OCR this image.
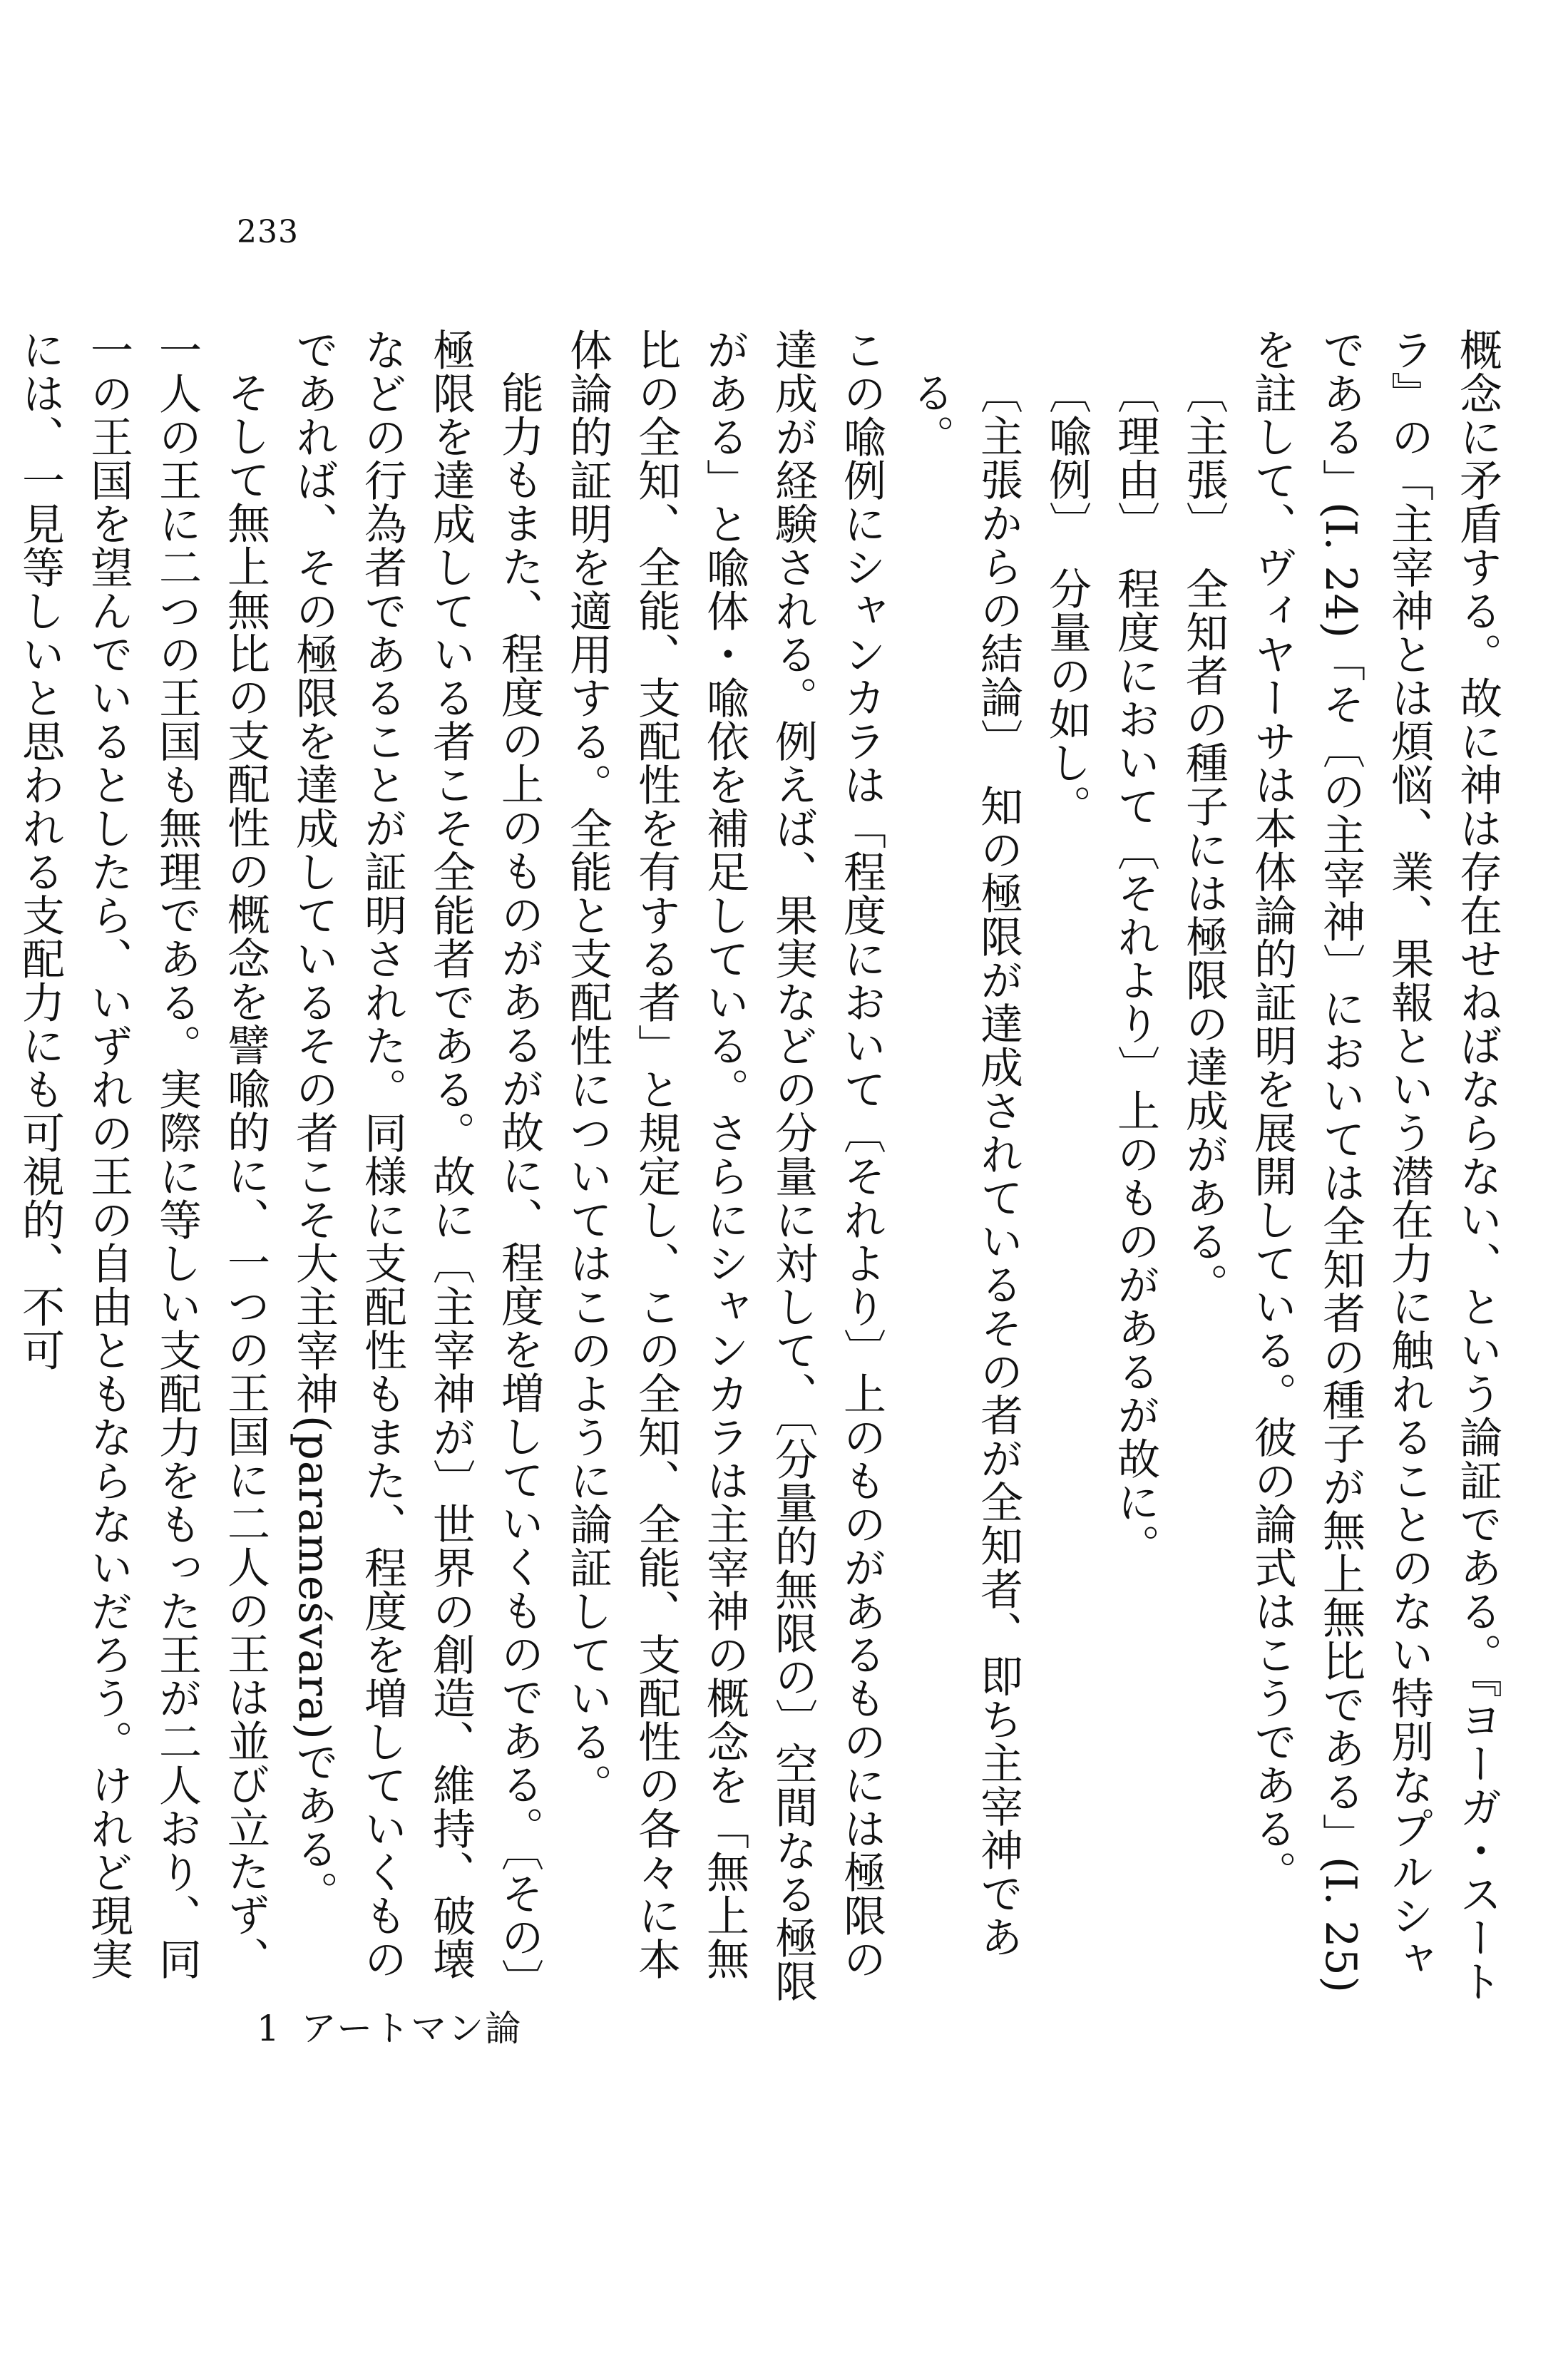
233

概念に矛盾する。故に神は存在せねばならない、という論証である。『ヨーガ・スートラ』の「主宰神とは煩悩、業、果報という潜在力に触れることのない特別なプルシャである」(I. 24)「そ〔の主宰神〕においては全知者の種子が無上無比である」(I. 25)を註して、ヴィヤーサは本体論的証明を展開している。彼の論式はこうである。

〔主張〕　全知者の種子には極限の達成がある。

〔理由〕　程度において〔それより〕上のものがあるが故に。

〔喩例〕　分量の如し。

〔主張からの結論〕　知の極限が達成されているその者が全知者、即ち主宰神である。

この喩例にシャンカラは「程度において〔それより〕上のものがあるものには極限の達成が経験される。例えば、果実などの分量に対して、〔分量的無限の〕空間なる極限がある」と喩体・喩依を補足している。さらにシャンカラは主宰神の概念を「無上無比の全知、全能、支配性を有する者」と規定し、この全知、全能、支配性の各々に本体論的証明を適用する。全能と支配性についてはこのように論証している。

能力もまた、程度の上のものがあるが故に、程度を増していくものである。〔その〕極限を達成している者こそ全能者である。故に〔主宰神が〕世界の創造、維持、破壊などの行為者であることが証明された。同様に支配性もまた、程度を増していくものであれば、その極限を達成しているその者こそ大主宰神(parameśvara)である。

そして無上無比の支配性の概念を譬喩的に、一つの王国に二人の王は並び立たず、一人の王に二つの王国も無理である。実際に等しい支配力をもった王が二人おり、同一の王国を望んでいるとしたら、いずれの王の自由ともならないだろう。けれど現実には、一見等しいと思われる支配力にも可視的、不可

1 アートマン論
